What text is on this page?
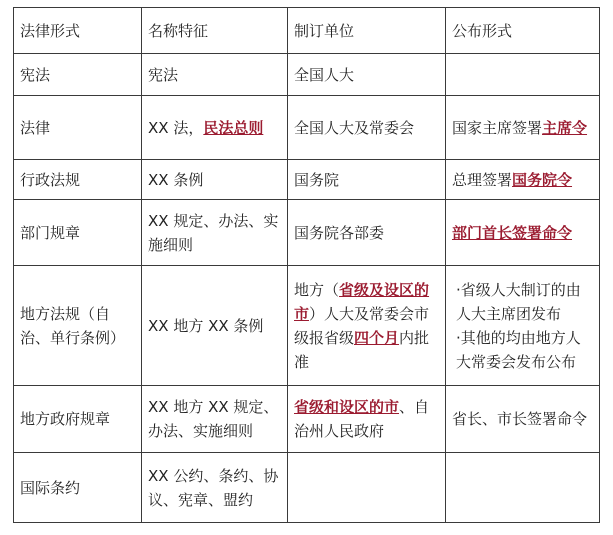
法律形式	名称特征	制订单位	公布形式
宪法	宪法	全国人大	
法律	XX 法，民法总则	全国人大及常委会	国家主席签署主席令
行政法规	XX 条例	国务院	总理签署国务院令
部门规章	XX 规定、办法、实施细则	国务院各部委	部门首长签署命令
地方法规（自治、单行条例）	XX 地方 XX 条例	地方（省级及设区的市）人大及常委会市级报省级四个月内批准	·省级人大制订的由人大主席团发布
·其他的均由地方人大常委会发布公布

地方政府规章	XX 地方 XX 规定、办法、实施细则	省级和设区的市、自治州人民政府	省长、市长签署命令
国际条约	XX 公约、条约、协议、宪章、盟约		
